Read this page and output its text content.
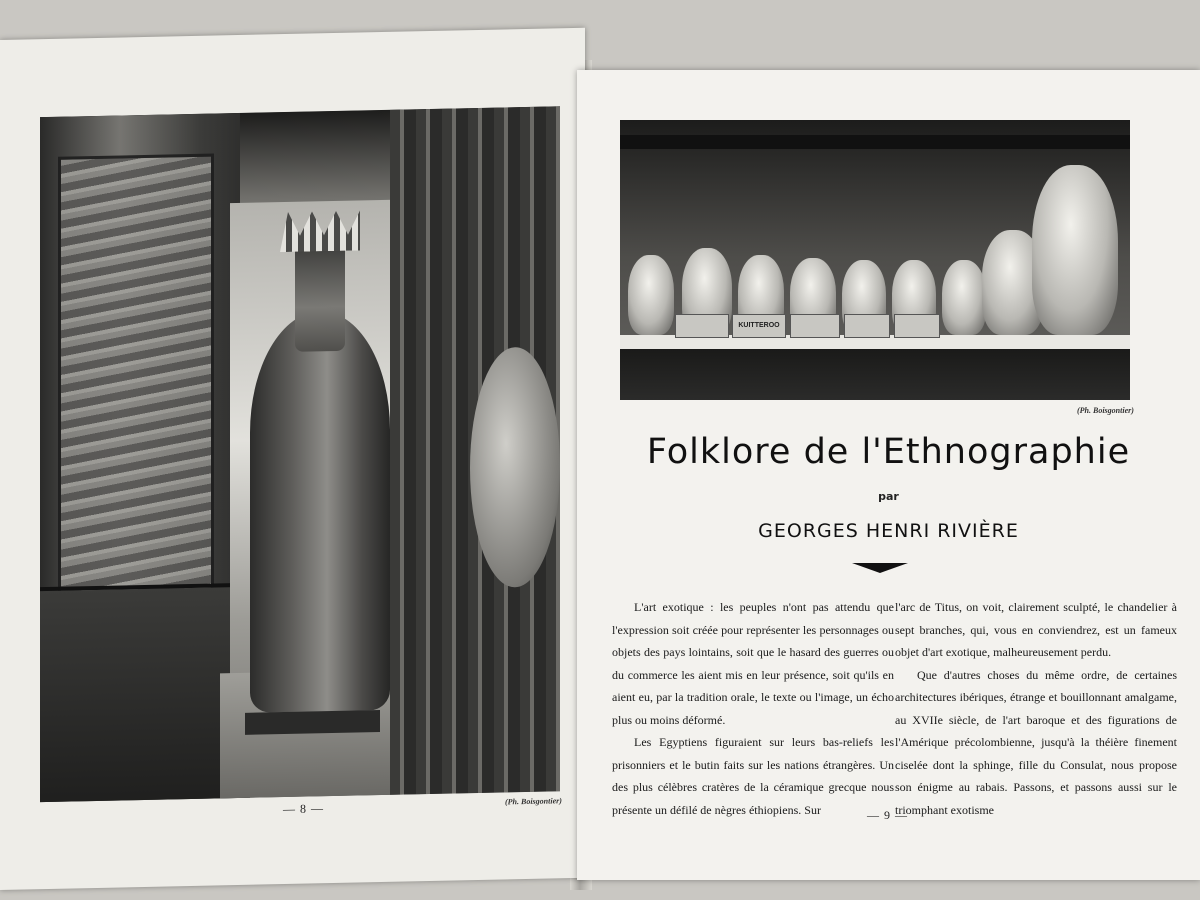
— 8 —	(Ph. Boisgontier)
KUITTEROO
(Ph. Boisgontier)
Folklore de l'Ethnographie
par
GEORGES HENRI RIVIÈRE

L'art exotique : les peuples n'ont pas attendu que l'expression soit créée pour représenter les personnages ou objets des pays lointains, soit que le hasard des guerres ou du commerce les aient mis en leur présence, soit qu'ils en aient eu, par la tradition orale, le texte ou l'image, un écho plus ou moins déformé.

Les Egyptiens figuraient sur leurs bas-reliefs les prisonniers et le butin faits sur les nations étrangères. Un des plus célèbres cratères de la céramique grecque nous présente un défilé de nègres éthiopiens. Sur

l'arc de Titus, on voit, clairement sculpté, le chandelier à sept branches, qui, vous en conviendrez, est un fameux objet d'art exotique, malheureusement perdu.

Que d'autres choses du même ordre, de certaines architectures ibériques, étrange et bouillonnant amalgame, au XVIIe siècle, de l'art baroque et des figurations de l'Amérique précolombienne, jusqu'à la théière finement ciselée dont la sphinge, fille du Consulat, nous propose son énigme au rabais. Passons, et passons aussi sur le triomphant exotisme

— 9 —
